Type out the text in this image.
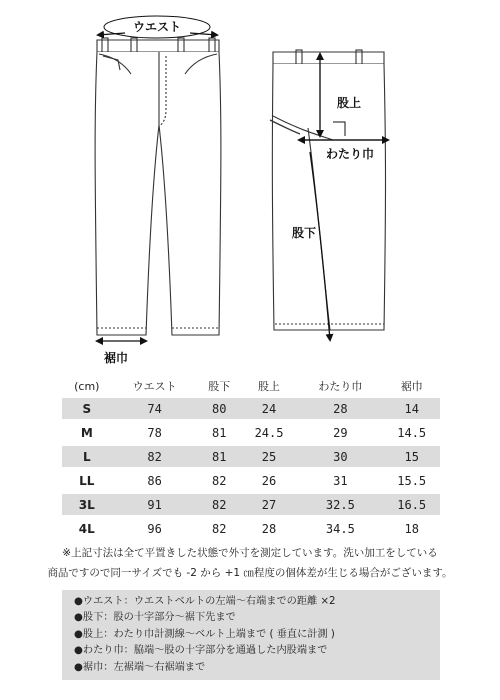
ウエスト
股上
わたり巾
股下
裾巾
(cm)	ウエスト	股下	股上	わたり巾	裾巾
S	74	80	24	28	14
M	78	81	24.5	29	14.5
L	82	81	25	30	15
LL	86	82	26	31	15.5
3L	91	82	27	32.5	16.5
4L	96	82	28	34.5	18
※上記寸法は全て平置きした状態で外寸を測定しています。洗い加工をしている
商品ですので同一サイズでも -2 から +1 ㎝程度の個体差が生じる場合がございます。
●ウエスト：ウエストベルトの左端～右端までの距離 ×2
●股下：股の十字部分～裾下先まで
●股上：わたり巾計測線～ベルト上端まで ( 垂直に計測 )
●わたり巾：脇端～股の十字部分を通過した内股端まで
●裾巾：左裾端～右裾端まで
